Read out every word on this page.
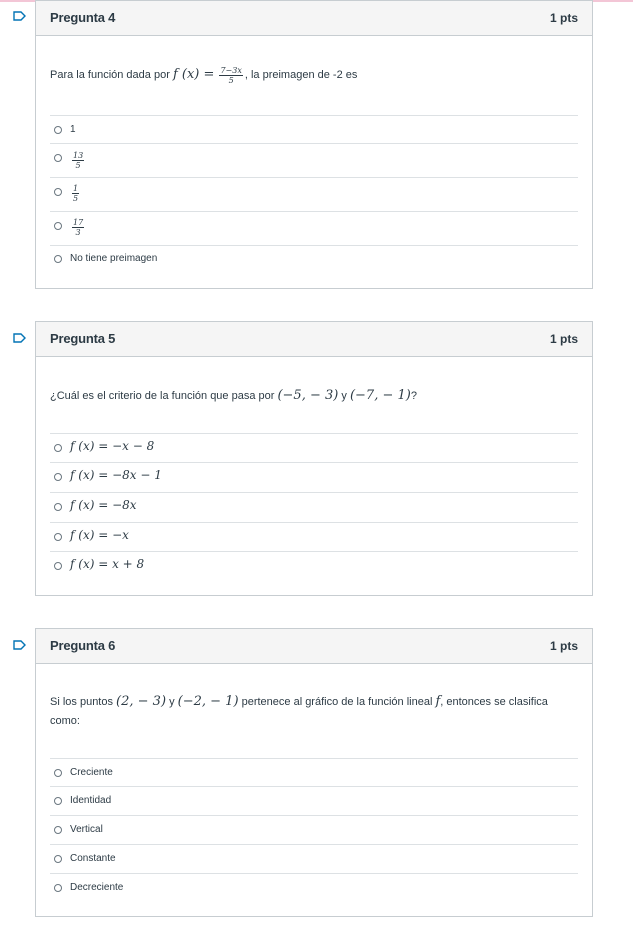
Pregunta 4	1 pts
Para la función dada por f $(x) = \frac{7-3x}{5}$ , la preimagen de -2 es
1
$\frac{13}{5}$
$\frac{1}{5}$
$\frac{17}{3}$
No tiene preimagen
Pregunta 5	1 pts
¿Cuál es el criterio de la función que pasa por (−5, − 3) y (−7, − 1)?
f (x) = −x − 8
f (x) = −8x − 1
f (x) = −8x
f (x) = −x
f (x) = x + 8
Pregunta 6	1 pts
Si los puntos (2, − 3) y (−2, − 1) pertenece al gráfico de la función lineal f, entonces se clasifica
como:
Creciente
Identidad
Vertical
Constante
Decreciente
